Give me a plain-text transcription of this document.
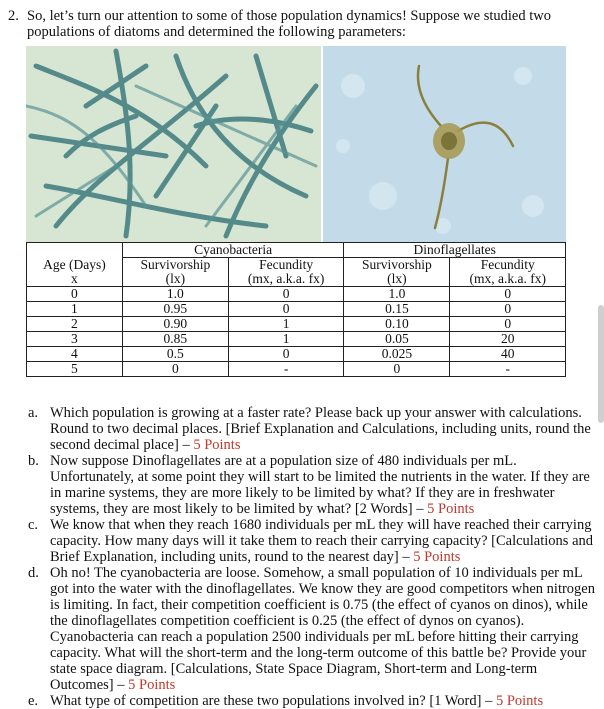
2. So, let’s turn our attention to some of those population dynamics! Suppose we studied two populations of diatoms and determined the following parameters:
	Cyanobacteria		Dinoflagellates	
Age (Days)	Survivorship	Fecundity	Survivorship	Fecundity
x	(lx)	(mx, a.k.a. fx)	(lx)	(mx, a.k.a. fx)
0	1.0	0	1.0	0
1	0.95	0	0.15	0
2	0.90	1	0.10	0
3	0.85	1	0.05	20
4	0.5	0	0.025	40
5	0	-	0	-
a. Which population is growing at a faster rate? Please back up your answer with calculations. Round to two decimal places. [Brief Explanation and Calculations, including units, round the second decimal place] – 5 Points
b. Now suppose Dinoflagellates are at a population size of 480 individuals per mL. Unfortunately, at some point they will start to be limited the nutrients in the water. If they are in marine systems, they are more likely to be limited by what? If they are in freshwater systems, they are most likely to be limited by what? [2 Words] – 5 Points
c. We know that when they reach 1680 individuals per mL they will have reached their carrying capacity. How many days will it take them to reach their carrying capacity? [Calculations and Brief Explanation, including units, round to the nearest day] – 5 Points
d. Oh no! The cyanobacteria are loose. Somehow, a small population of 10 individuals per mL got into the water with the dinoflagellates. We know they are good competitors when nitrogen is limiting. In fact, their competition coefficient is 0.75 (the effect of cyanos on dinos), while the dinoflagellates competition coefficient is 0.25 (the effect of dynos on cyanos). Cyanobacteria can reach a population 2500 individuals per mL before hitting their carrying capacity. What will the short-term and the long-term outcome of this battle be? Provide your state space diagram. [Calculations, State Space Diagram, Short-term and Long-term Outcomes] – 5 Points
e. What type of competition are these two populations involved in? [1 Word] – 5 Points
